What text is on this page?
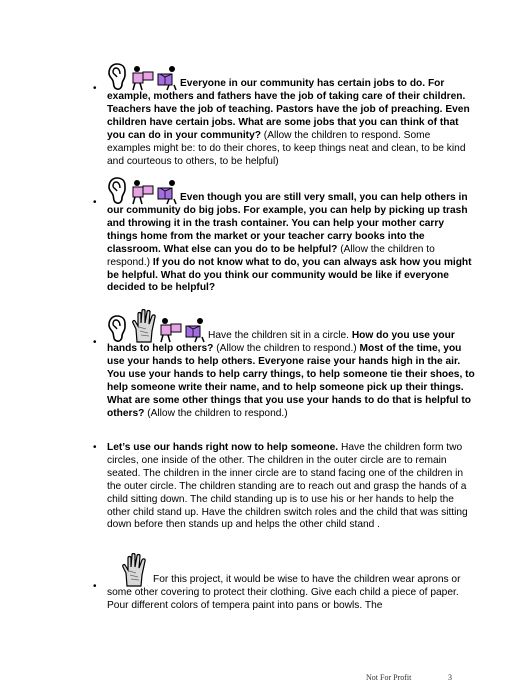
•	Everyone in our community has certain jobs to do. For example, mothers and fathers have the job of taking care of their children. Teachers have the job of teaching. Pastors have the job of preaching. Even children have certain jobs. What are some jobs that you can think of that you can do in your community? (Allow the children to respond. Some examples might be: to do their chores, to keep things neat and clean, to be kind and courteous to others, to be helpful)
•	Even though you are still very small, you can help others in our community do big jobs. For example, you can help by picking up trash and throwing it in the trash container. You can help your mother carry things home from the market or your teacher carry books into the classroom. What else can you do to be helpful? (Allow the children to respond.) If you do not know what to do, you can always ask how you might be helpful. What do you think our community would be like if everyone decided to be helpful?
•
Have the children sit in a circle. How do you use your hands to help others? (Allow the children to respond.) Most of the time, you use your hands to help others. Everyone raise your hands high in the air. You use your hands to help carry things, to help someone tie their shoes, to help someone write their name, and to help someone pick up their things. What are some other things that you use your hands to do that is helpful to others? (Allow the children to respond.)
• Let’s use our hands right now to help someone. Have the children form two circles, one inside of the other. The children in the outer circle are to remain seated. The children in the inner circle are to stand facing one of the children in the outer circle. The children standing are to reach out and grasp the hands of a child sitting down. The child standing up is to use his or her hands to help the other child stand up. Have the children switch roles and the child that was sitting down before then stands up and helps the other child stand .
•
For this project, it would be wise to have the children wear aprons or some other covering to protect their clothing. Give each child a piece of paper. Pour different colors of tempera paint into pans or bowls. The
Not For Profit	3
